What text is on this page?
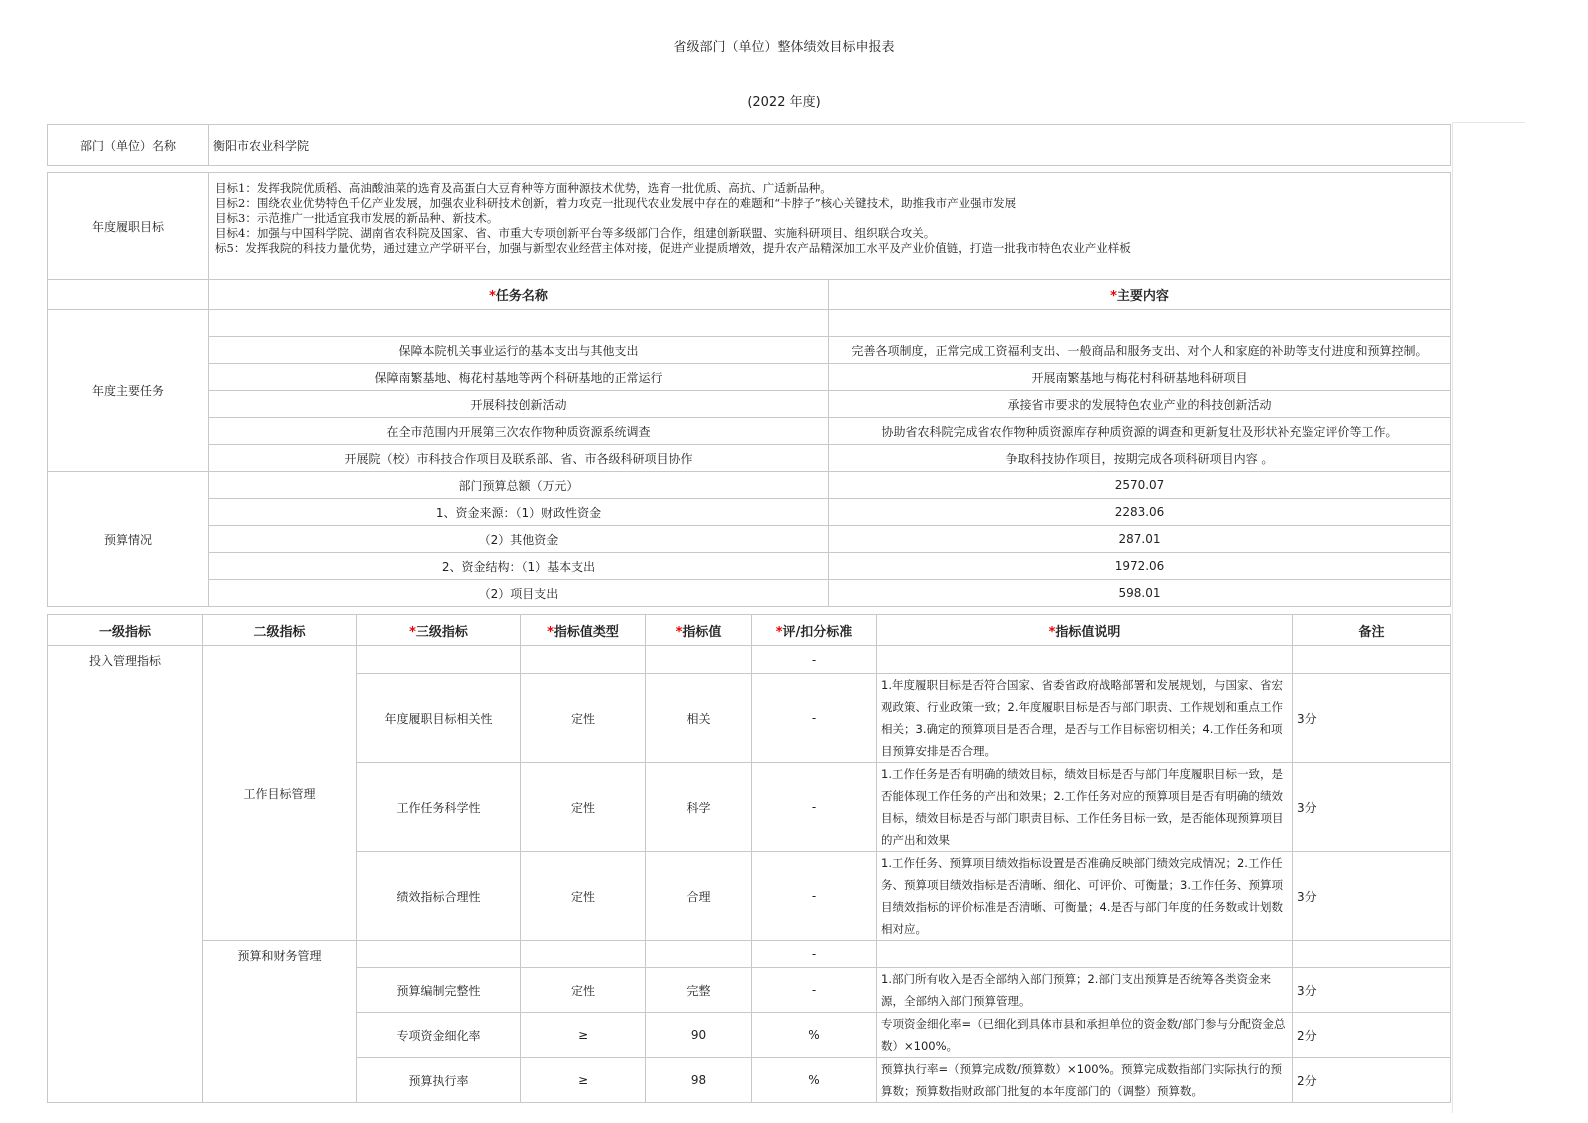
省级部门（单位）整体绩效目标申报表
(2022 年度)
部门（单位）名称	衡阳市农业科学院
年度履职目标	
目标1：发挥我院优质稻、高油酸油菜的选育及高蛋白大豆育种等方面种源技术优势，选育一批优质、高抗、广适新品种。
目标2：围绕农业优势特色千亿产业发展，加强农业科研技术创新，着力攻克一批现代农业发展中存在的难题和“卡脖子”核心关键技术，助推我市产业强市发展
目标3：示范推广一批适宜我市发展的新品种、新技术。
目标4：加强与中国科学院、湖南省农科院及国家、省、市重大专项创新平台等多级部门合作，组建创新联盟、实施科研项目、组织联合攻关。
标5：发挥我院的科技力量优势，通过建立产学研平台，加强与新型农业经营主体对接，促进产业提质增效，提升农产品精深加工水平及产业价值链，打造一批我市特色农业产业样板
	*任务名称	*主要内容
年度主要任务		
	保障本院机关事业运行的基本支出与其他支出	完善各项制度，正常完成工资福利支出、一般商品和服务支出、对个人和家庭的补助等支付进度和预算控制。
	保障南繁基地、梅花村基地等两个科研基地的正常运行	开展南繁基地与梅花村科研基地科研项目
	开展科技创新活动	承接省市要求的发展特色农业产业的科技创新活动
	在全市范围内开展第三次农作物种质资源系统调查	协助省农科院完成省农作物种质资源库存种质资源的调查和更新复壮及形状补充鉴定评价等工作。
	开展院（校）市科技合作项目及联系部、省、市各级科研项目协作	争取科技协作项目，按期完成各项科研项目内容 。
预算情况	部门预算总额（万元）	2570.07
	1、资金来源：（1）财政性资金	2283.06
	（2）其他资金	287.01
	2、资金结构：（1）基本支出	1972.06
	（2）项目支出	598.01
一级指标	二级指标	*三级指标	*指标值类型	*指标值	*评/扣分标准	*指标值说明	备注
投入管理指标	工作目标管理				-		
		年度履职目标相关性	定性	相关	-	1.年度履职目标是否符合国家、省委省政府战略部署和发展规划，与国家、省宏观政策、行业政策一致；2.年度履职目标是否与部门职责、工作规划和重点工作相关；3.确定的预算项目是否合理，是否与工作目标密切相关；4.工作任务和项目预算安排是否合理。	3分
		工作任务科学性	定性	科学	-	1.工作任务是否有明确的绩效目标，绩效目标是否与部门年度履职目标一致，是否能体现工作任务的产出和效果；2.工作任务对应的预算项目是否有明确的绩效目标，绩效目标是否与部门职责目标、工作任务目标一致，是否能体现预算项目的产出和效果	3分
		绩效指标合理性	定性	合理	-	1.工作任务、预算项目绩效指标设置是否准确反映部门绩效完成情况；2.工作任务、预算项目绩效指标是否清晰、细化、可评价、可衡量；3.工作任务、预算项目绩效指标的评价标准是否清晰、可衡量；4.是否与部门年度的任务数或计划数相对应。	3分
	预算和财务管理				-		
		预算编制完整性	定性	完整	-	1.部门所有收入是否全部纳入部门预算；2.部门支出预算是否统筹各类资金来源，全部纳入部门预算管理。	3分
		专项资金细化率	≥	90	%	专项资金细化率=（已细化到具体市县和承担单位的资金数/部门参与分配资金总数）×100%。	2分
		预算执行率	≥	98	%	预算执行率=（预算完成数/预算数）×100%。预算完成数指部门实际执行的预算数；预算数指财政部门批复的本年度部门的（调整）预算数。	2分
